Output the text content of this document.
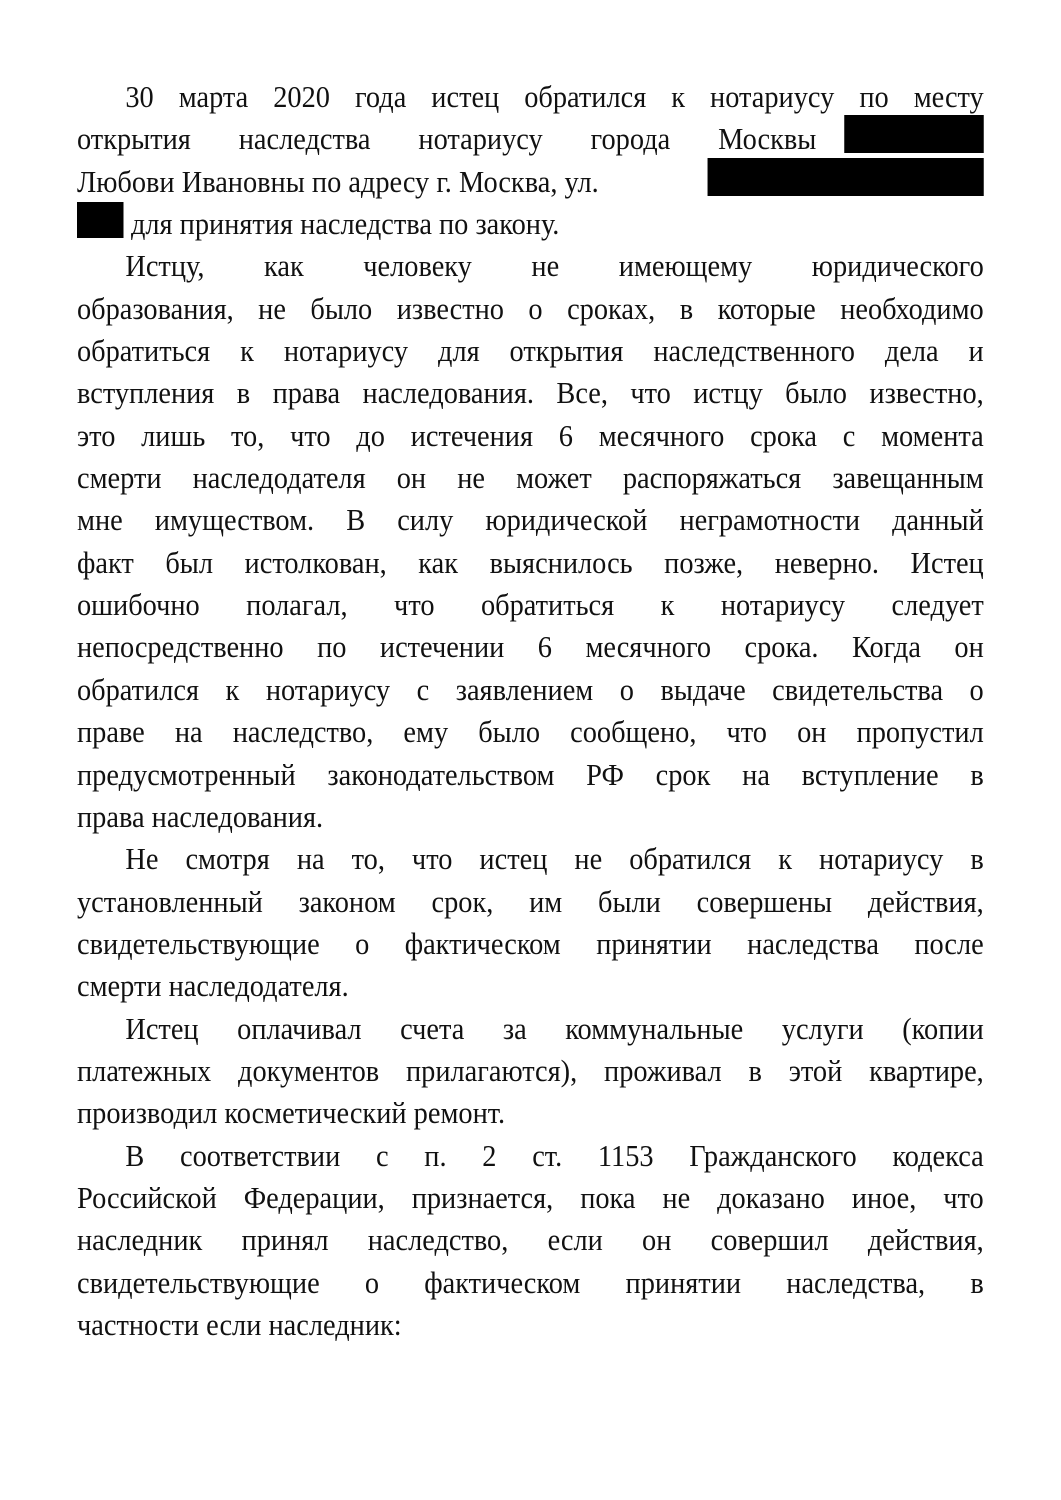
30 марта 2020 года истец обратился к нотариусу по месту
открытия наследства нотариусу города Москвы
Любови Ивановны по адресу г. Москва, ул.
для принятия наследства по закону.
Истцу, как человеку не имеющему юридического
образования, не было известно о сроках, в которые необходимо
обратиться к нотариусу для открытия наследственного дела и
вступления в права наследования. Все, что истцу было известно,
это лишь то, что до истечения 6 месячного срока с момента
смерти наследодателя он не может распоряжаться завещанным
мне имуществом. В силу юридической неграмотности данный
факт был истолкован, как выяснилось позже, неверно. Истец
ошибочно полагал, что обратиться к нотариусу следует
непосредственно по истечении 6 месячного срока. Когда он
обратился к нотариусу с заявлением о выдаче свидетельства о
праве на наследство, ему было сообщено, что он пропустил
предусмотренный законодательством РФ срок на вступление в
права наследования.
Не смотря на то, что истец не обратился к нотариусу в
установленный законом срок, им были совершены действия,
свидетельствующие о фактическом принятии наследства после
смерти наследодателя.
Истец оплачивал счета за коммунальные услуги (копии
платежных документов прилагаются), проживал в этой квартире,
производил косметический ремонт.
В соответствии с п. 2 ст. 1153 Гражданского кодекса
Российской Федерации, признается, пока не доказано иное, что
наследник принял наследство, если он совершил действия,
свидетельствующие о фактическом принятии наследства, в
частности если наследник:
